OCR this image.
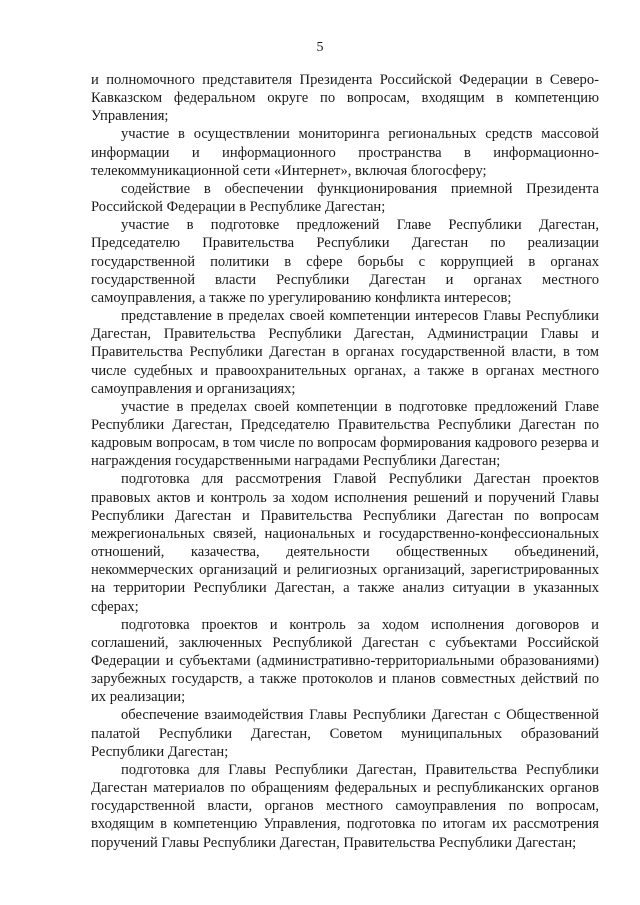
5

и полномочного представителя Президента Российской Федерации в Северо-Кавказском федеральном округе по вопросам, входящим в компетенцию Управления;

участие в осуществлении мониторинга региональных средств массовой информации и информационного пространства в информационно-телекоммуникационной сети «Интернет», включая блогосферу;

содействие в обеспечении функционирования приемной Президента Российской Федерации в Республике Дагестан;

участие в подготовке предложений Главе Республики Дагестан, Председателю Правительства Республики Дагестан по реализации государственной политики в сфере борьбы с коррупцией в органах государственной власти Республики Дагестан и органах местного самоуправления, а также по урегулированию конфликта интересов;

представление в пределах своей компетенции интересов Главы Республики Дагестан, Правительства Республики Дагестан, Администрации Главы и Правительства Республики Дагестан в органах государственной власти, в том числе судебных и правоохранительных органах, а также в органах местного самоуправления и организациях;

участие в пределах своей компетенции в подготовке предложений Главе Республики Дагестан, Председателю Правительства Республики Дагестан по кадровым вопросам, в том числе по вопросам формирования кадрового резерва и награждения государственными наградами Республики Дагестан;

подготовка для рассмотрения Главой Республики Дагестан проектов правовых актов и контроль за ходом исполнения решений и поручений Главы Республики Дагестан и Правительства Республики Дагестан по вопросам межрегиональных связей, национальных и государственно-конфессиональных отношений, казачества, деятельности общественных объединений, некоммерческих организаций и религиозных организаций, зарегистрированных на территории Республики Дагестан, а также анализ ситуации в указанных сферах;

подготовка проектов и контроль за ходом исполнения договоров и соглашений, заключенных Республикой Дагестан с субъектами Российской Федерации и субъектами (административно-территориальными образованиями) зарубежных государств, а также протоколов и планов совместных действий по их реализации;

обеспечение взаимодействия Главы Республики Дагестан с Общественной палатой Республики Дагестан, Советом муниципальных образований Республики Дагестан;

подготовка для Главы Республики Дагестан, Правительства Республики Дагестан материалов по обращениям федеральных и республиканских органов государственной власти, органов местного самоуправления по вопросам, входящим в компетенцию Управления, подготовка по итогам их рассмотрения поручений Главы Республики Дагестан, Правительства Республики Дагестан;
